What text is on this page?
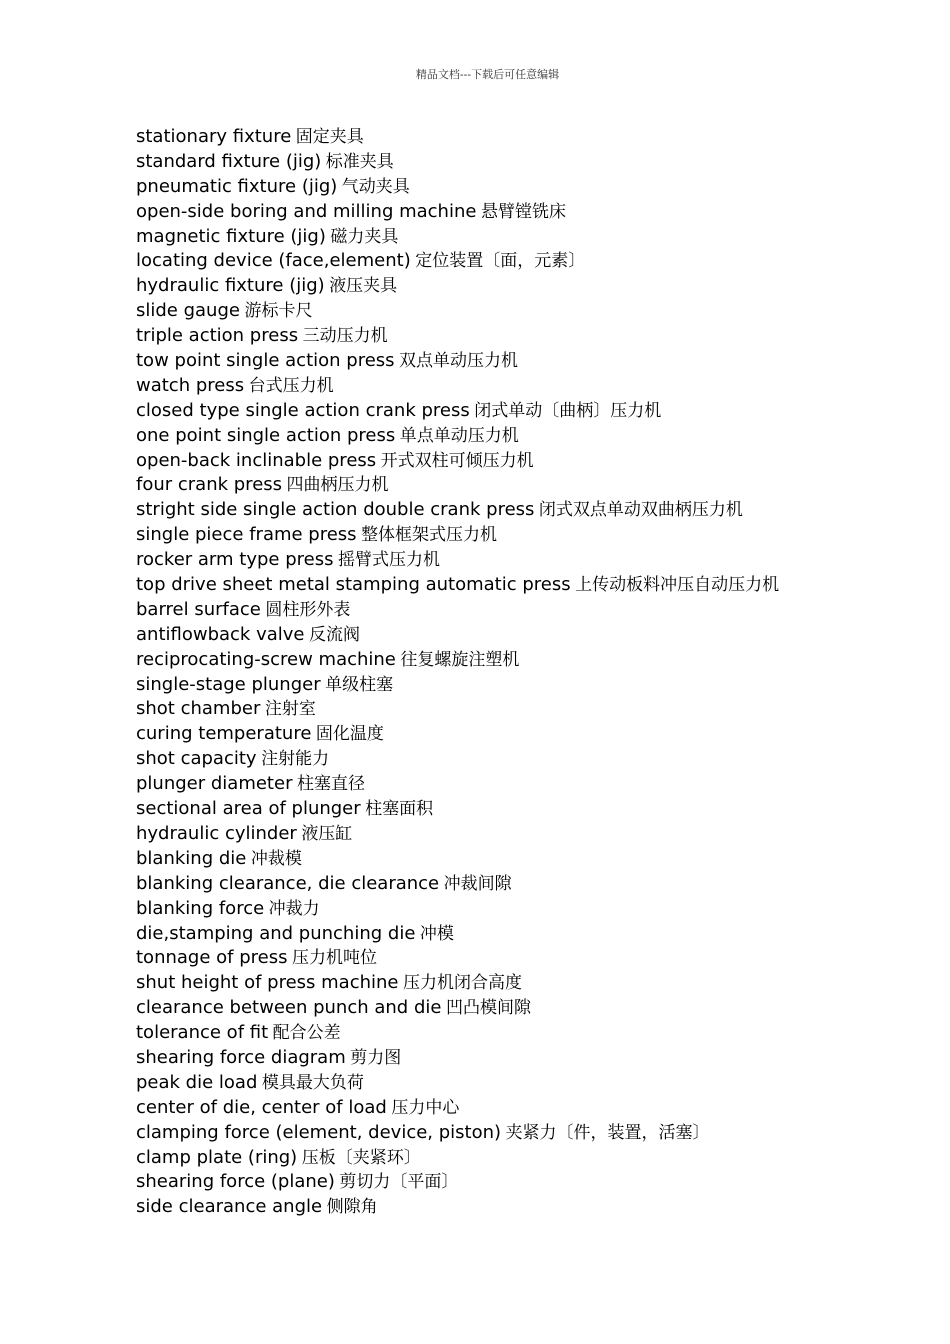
精品文档---下载后可任意编辑
stationary fixture 固定夹具
standard fixture (jig) 标准夹具
pneumatic fixture (jig) 气动夹具
open-side boring and milling machine 悬臂镗铣床
magnetic fixture (jig) 磁力夹具
locating device (face,element) 定位装置〔面，元素〕
hydraulic fixture (jig) 液压夹具
slide gauge 游标卡尺
triple action press 三动压力机
tow point single action press 双点单动压力机
watch press 台式压力机
closed type single action crank press 闭式单动〔曲柄〕压力机
one point single action press 单点单动压力机
open-back inclinable press 开式双柱可倾压力机
four crank press 四曲柄压力机
stright side single action double crank press 闭式双点单动双曲柄压力机
single piece frame press 整体框架式压力机
rocker arm type press 摇臂式压力机
top drive sheet metal stamping automatic press 上传动板料冲压自动压力机
barrel surface 圆柱形外表
antiflowback valve 反流阀
reciprocating-screw machine 往复螺旋注塑机
single-stage plunger 单级柱塞
shot chamber 注射室
curing temperature 固化温度
shot capacity 注射能力
plunger diameter 柱塞直径
sectional area of plunger 柱塞面积
hydraulic cylinder 液压缸
blanking die 冲裁模
blanking clearance, die clearance 冲裁间隙
blanking force 冲裁力
die,stamping and punching die 冲模
tonnage of press 压力机吨位
shut height of press machine 压力机闭合高度
clearance between punch and die 凹凸模间隙
tolerance of fit 配合公差
shearing force diagram 剪力图
peak die load 模具最大负荷
center of die, center of load 压力中心
clamping force (element, device, piston) 夹紧力〔件，装置，活塞〕
clamp plate (ring) 压板〔夹紧环〕
shearing force (plane) 剪切力〔平面〕
side clearance angle 侧隙角
